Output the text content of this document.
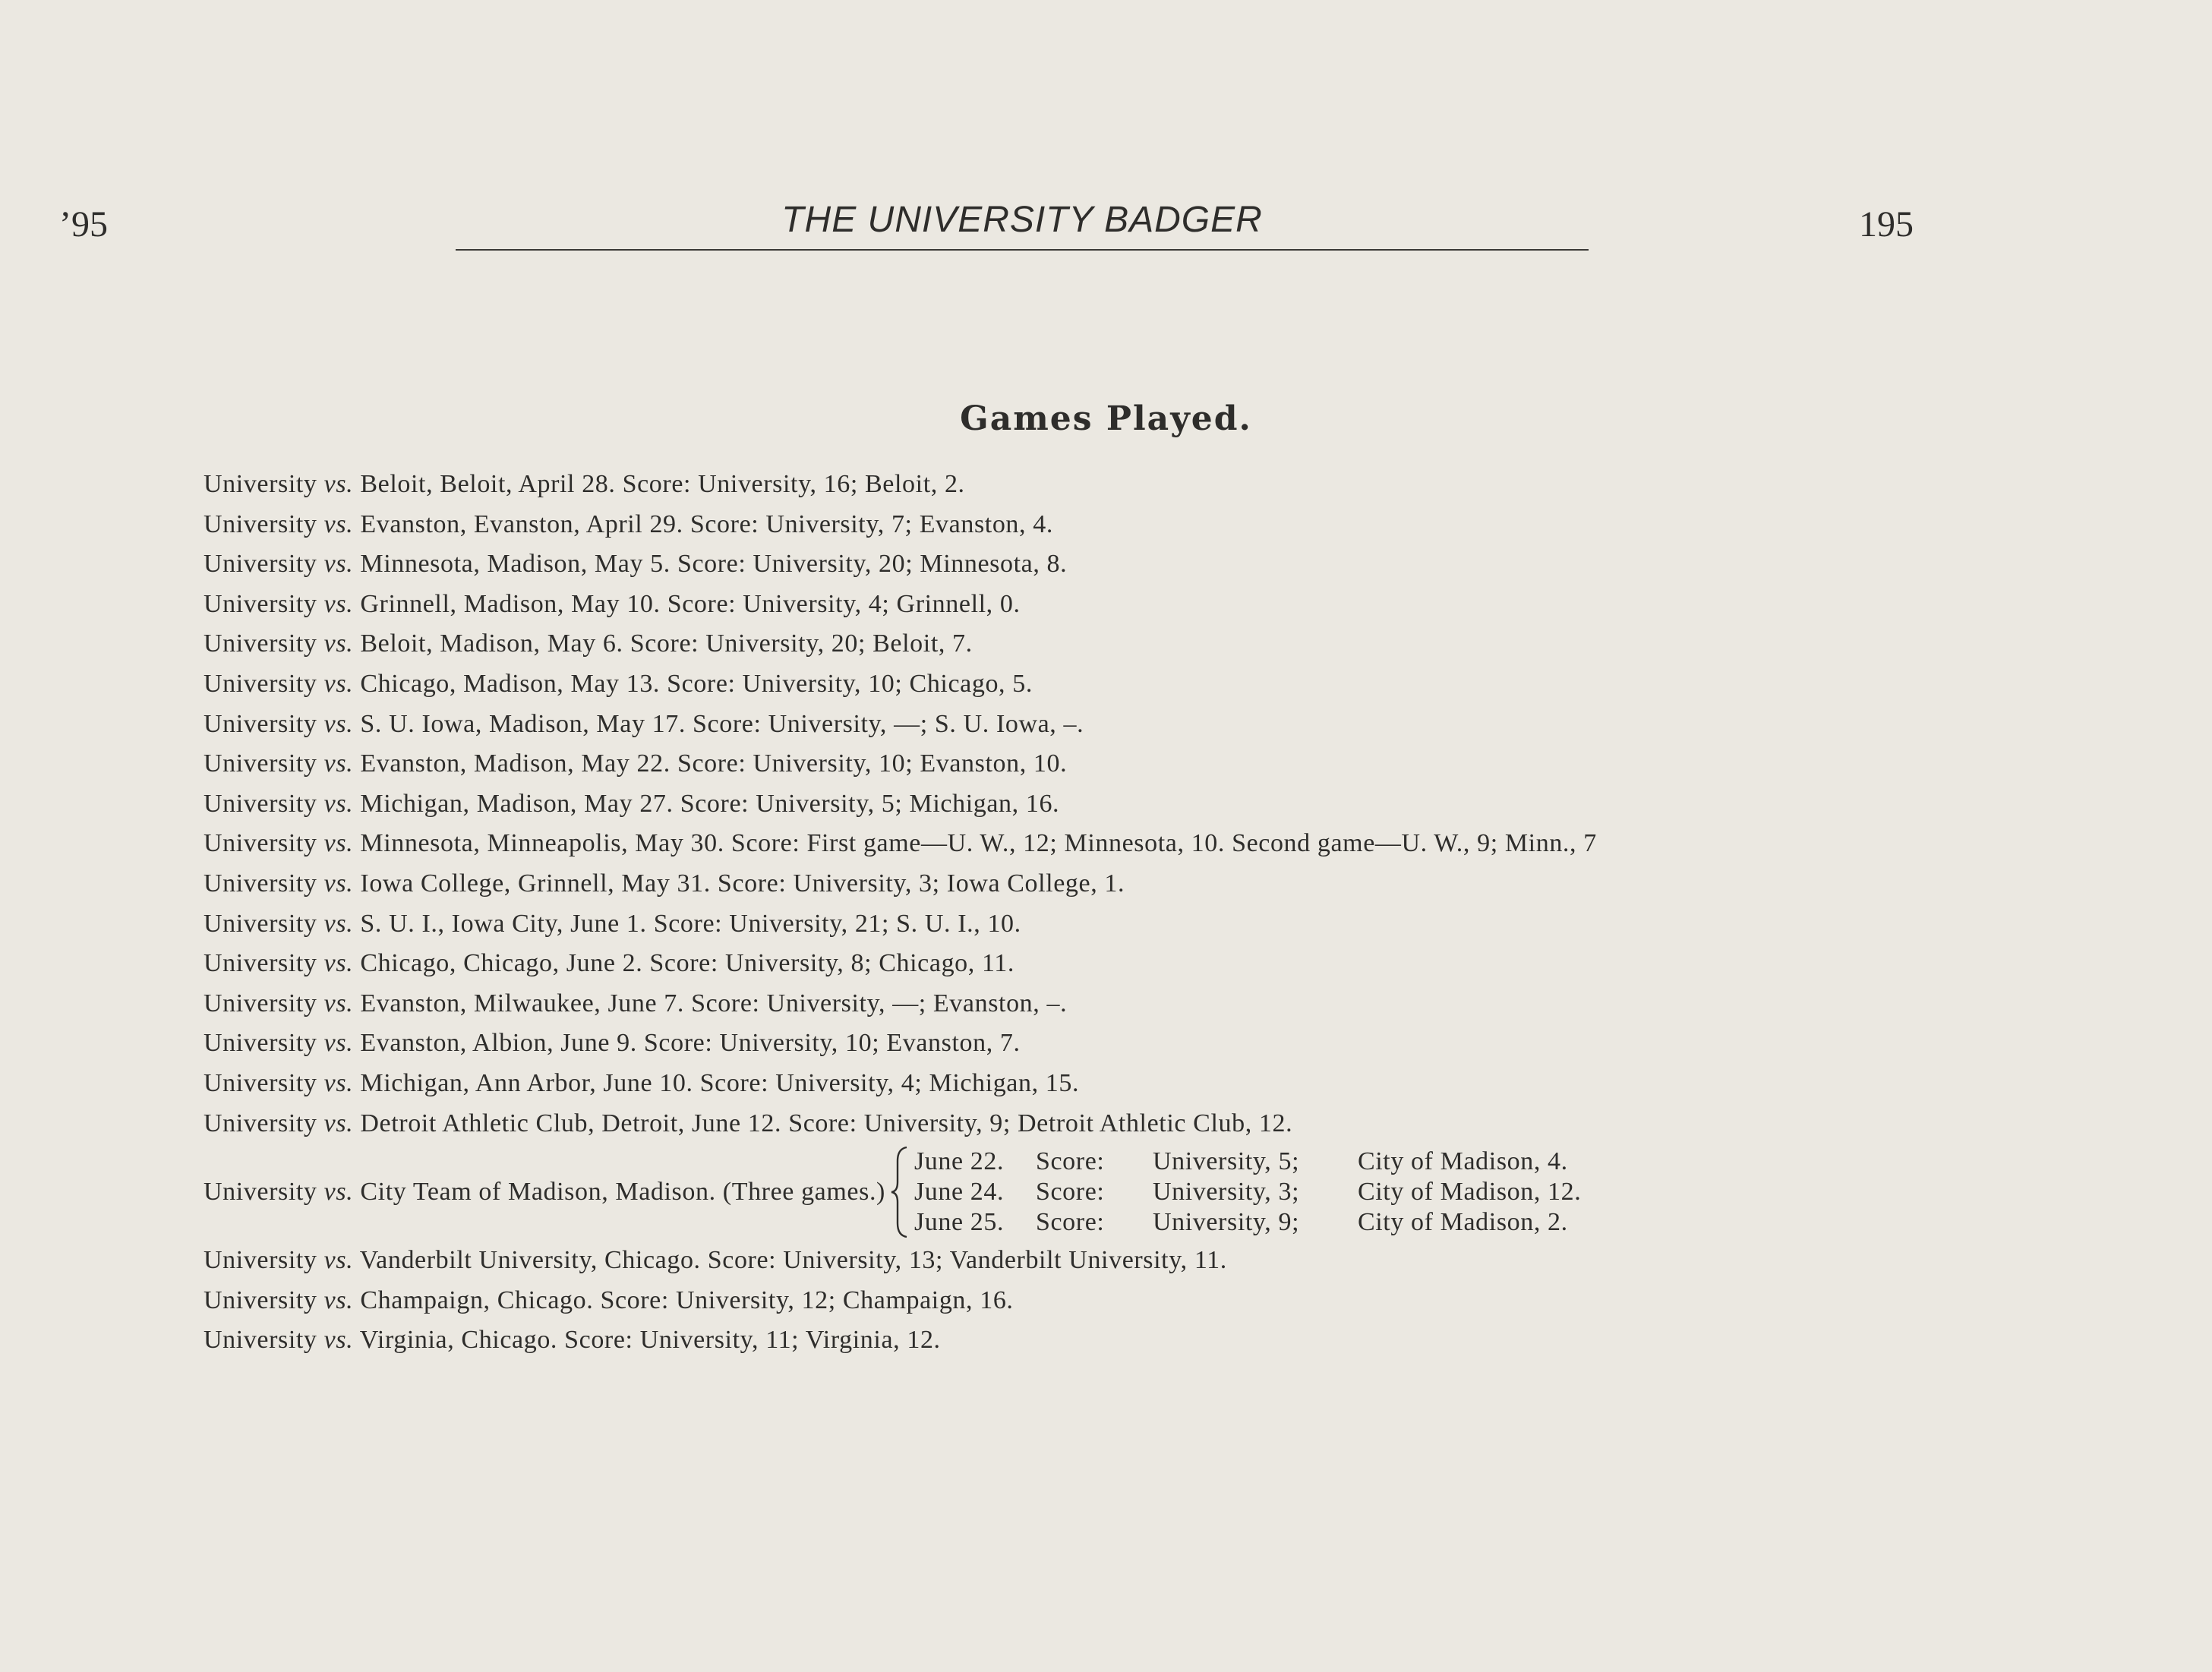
’95	THE UNIVERSITY BADGER	195
Games Played.
University vs. Beloit, Beloit, April 28. Score: University, 16; Beloit, 2.
University vs. Evanston, Evanston, April 29. Score: University, 7; Evanston, 4.
University vs. Minnesota, Madison, May 5. Score: University, 20; Minnesota, 8.
University vs. Grinnell, Madison, May 10. Score: University, 4; Grinnell, 0.
University vs. Beloit, Madison, May 6. Score: University, 20; Beloit, 7.
University vs. Chicago, Madison, May 13. Score: University, 10; Chicago, 5.
University vs. S. U. Iowa, Madison, May 17. Score: University, —; S. U. Iowa, –.
University vs. Evanston, Madison, May 22. Score: University, 10; Evanston, 10.
University vs. Michigan, Madison, May 27. Score: University, 5; Michigan, 16.
University vs. Minnesota, Minneapolis, May 30. Score: First game—U. W., 12; Minnesota, 10. Second game—U. W., 9; Minn., 7
University vs. Iowa College, Grinnell, May 31. Score: University, 3; Iowa College, 1.
University vs. S. U. I., Iowa City, June 1. Score: University, 21; S. U. I., 10.
University vs. Chicago, Chicago, June 2. Score: University, 8; Chicago, 11.
University vs. Evanston, Milwaukee, June 7. Score: University, —; Evanston, –.
University vs. Evanston, Albion, June 9. Score: University, 10; Evanston, 7.
University vs. Michigan, Ann Arbor, June 10. Score: University, 4; Michigan, 15.
University vs. Detroit Athletic Club, Detroit, June 12. Score: University, 9; Detroit Athletic Club, 12.
University
vs.
City Team of Madison, Madison. (Three games.)
June 22.	Score:	University, 5;	City of Madison, 4.
June 24.	Score:	University, 3;	City of Madison, 12.
June 25.	Score:	University, 9;	City of Madison, 2.
University vs. Vanderbilt University, Chicago. Score: University, 13; Vanderbilt University, 11.
University vs. Champaign, Chicago. Score: University, 12; Champaign, 16.
University vs. Virginia, Chicago. Score: University, 11; Virginia, 12.
